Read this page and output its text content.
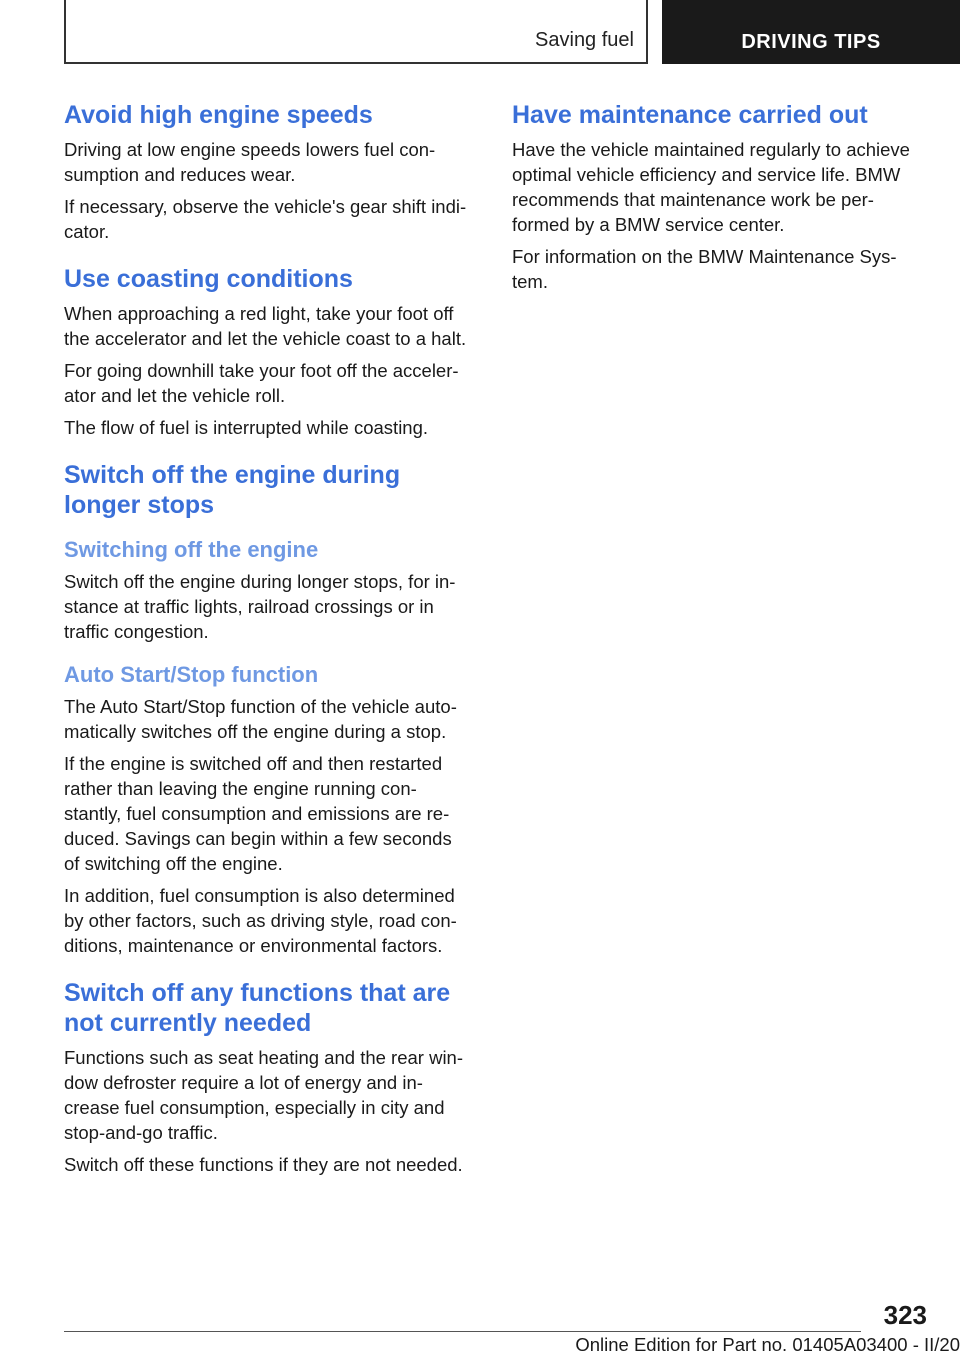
Saving fuel	DRIVING TIPS
Avoid high engine speeds

Driving at low engine speeds lowers fuel con-
sumption and reduces wear.

If necessary, observe the vehicle's gear shift indi-
cator.

Use coasting conditions

When approaching a red light, take your foot off
the accelerator and let the vehicle coast to a halt.

For going downhill take your foot off the acceler-
ator and let the vehicle roll.

The flow of fuel is interrupted while coasting.

Switch off the engine during
longer stops
Switching off the engine

Switch off the engine during longer stops, for in-
stance at traffic lights, railroad crossings or in
traffic congestion.

Auto Start/Stop function

The Auto Start/Stop function of the vehicle auto-
matically switches off the engine during a stop.

If the engine is switched off and then restarted
rather than leaving the engine running con-
stantly, fuel consumption and emissions are re-
duced. Savings can begin within a few seconds
of switching off the engine.

In addition, fuel consumption is also determined
by other factors, such as driving style, road con-
ditions, maintenance or environmental factors.

Switch off any functions that are
not currently needed

Functions such as seat heating and the rear win-
dow defroster require a lot of energy and in-
crease fuel consumption, especially in city and
stop-and-go traffic.

Switch off these functions if they are not needed.

Have maintenance carried out

Have the vehicle maintained regularly to achieve
optimal vehicle efficiency and service life. BMW
recommends that maintenance work be per-
formed by a BMW service center.

For information on the BMW Maintenance Sys-
tem.

323
Online Edition for Part no. 01405A03400 - II/20
